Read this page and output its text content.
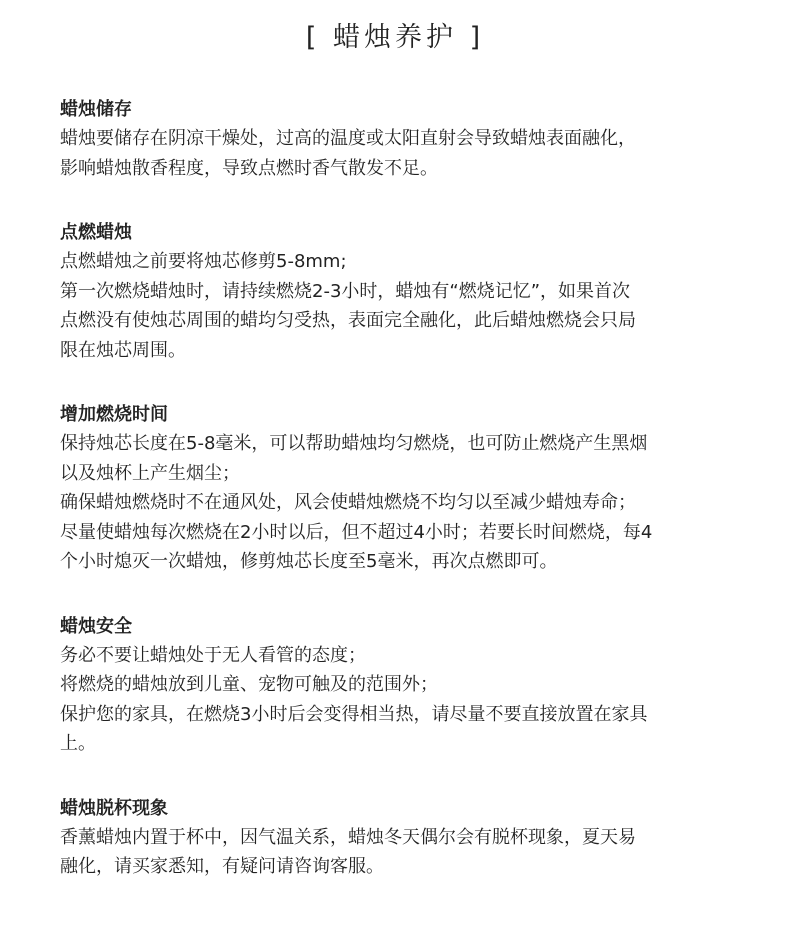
[ 蜡烛养护 ]
蜡烛储存
蜡烛要储存在阴凉干燥处，过高的温度或太阳直射会导致蜡烛表面融化，
影响蜡烛散香程度，导致点燃时香气散发不足。
点燃蜡烛
点燃蜡烛之前要将烛芯修剪5-8mm;
第一次燃烧蜡烛时，请持续燃烧2-3小时，蜡烛有“燃烧记忆”，如果首次
点燃没有使烛芯周围的蜡均匀受热，表面完全融化，此后蜡烛燃烧会只局
限在烛芯周围。
增加燃烧时间
保持烛芯长度在5-8毫米，可以帮助蜡烛均匀燃烧，也可防止燃烧产生黑烟
以及烛杯上产生烟尘；
确保蜡烛燃烧时不在通风处，风会使蜡烛燃烧不均匀以至减少蜡烛寿命；
尽量使蜡烛每次燃烧在2小时以后，但不超过4小时；若要长时间燃烧，每4
个小时熄灭一次蜡烛，修剪烛芯长度至5毫米，再次点燃即可。
蜡烛安全
务必不要让蜡烛处于无人看管的态度；
将燃烧的蜡烛放到儿童、宠物可触及的范围外；
保护您的家具，在燃烧3小时后会变得相当热，请尽量不要直接放置在家具
上。
蜡烛脱杯现象
香薰蜡烛内置于杯中，因气温关系，蜡烛冬天偶尔会有脱杯现象，夏天易
融化，请买家悉知，有疑问请咨询客服。
